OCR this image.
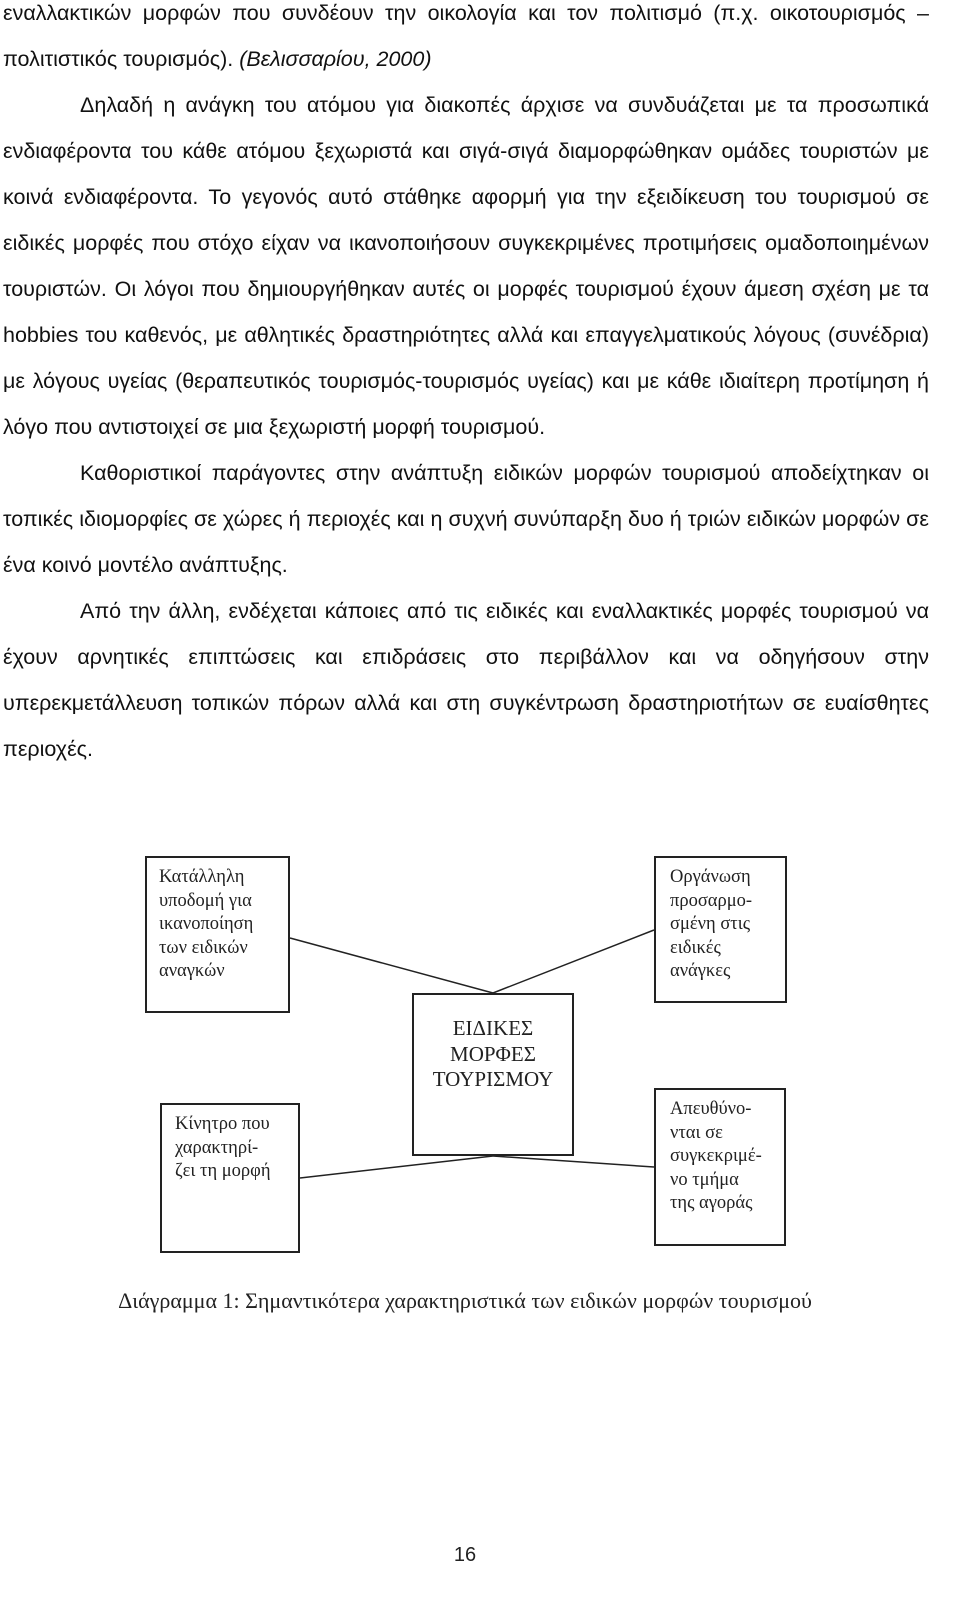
εναλλακτικών μορφών που συνδέουν την οικολογία και τον πολιτισμό (π.χ. οικοτουρισμός – πολιτιστικός τουρισμός). (Βελισσαρίου, 2000)

Δηλαδή η ανάγκη του ατόμου για διακοπές άρχισε να συνδυάζεται με τα προσωπικά ενδιαφέροντα του κάθε ατόμου ξεχωριστά και σιγά-σιγά διαμορφώθηκαν ομάδες τουριστών με κοινά ενδιαφέροντα. Το γεγονός αυτό στάθηκε αφορμή για την εξειδίκευση του τουρισμού σε ειδικές μορφές που στόχο είχαν να ικανοποιήσουν συγκεκριμένες προτιμήσεις ομαδοποιημένων τουριστών. Οι λόγοι που δημιουργήθηκαν αυτές οι μορφές τουρισμού έχουν άμεση σχέση με τα hobbies του καθενός, με αθλητικές δραστηριότητες αλλά και επαγγελματικούς λόγους (συνέδρια) με λόγους υγείας (θεραπευτικός τουρισμός-τουρισμός υγείας) και με κάθε ιδιαίτερη προτίμηση ή λόγο που αντιστοιχεί σε μια ξεχωριστή μορφή τουρισμού.

Καθοριστικοί παράγοντες στην ανάπτυξη ειδικών μορφών τουρισμού αποδείχτηκαν οι τοπικές ιδιομορφίες σε χώρες ή περιοχές και η συχνή συνύπαρξη δυο ή τριών ειδικών μορφών σε ένα κοινό μοντέλο ανάπτυξης.

Από την άλλη, ενδέχεται κάποιες από τις ειδικές και εναλλακτικές μορφές τουρισμού να έχουν αρνητικές επιπτώσεις και επιδράσεις στο περιβάλλον και να οδηγήσουν στην υπερεκμετάλλευση τοπικών πόρων αλλά και στη συγκέντρωση δραστηριοτήτων σε ευαίσθητες περιοχές.

Κατάλληλη
υποδομή για
ικανοποίηση
των ειδικών
αναγκών
Οργάνωση
προσαρμο-
σμένη στις
ειδικές
ανάγκες
ΕΙΔΙΚΕΣ
ΜΟΡΦΕΣ
ΤΟΥΡΙΣΜΟΥ
Κίνητρο που
χαρακτηρί-
ζει τη μορφή
Απευθύνο-
νται σε
συγκεκριμέ-
νο τμήμα
της αγοράς
Διάγραμμα 1: Σημαντικότερα χαρακτηριστικά των ειδικών μορφών τουρισμού
16
